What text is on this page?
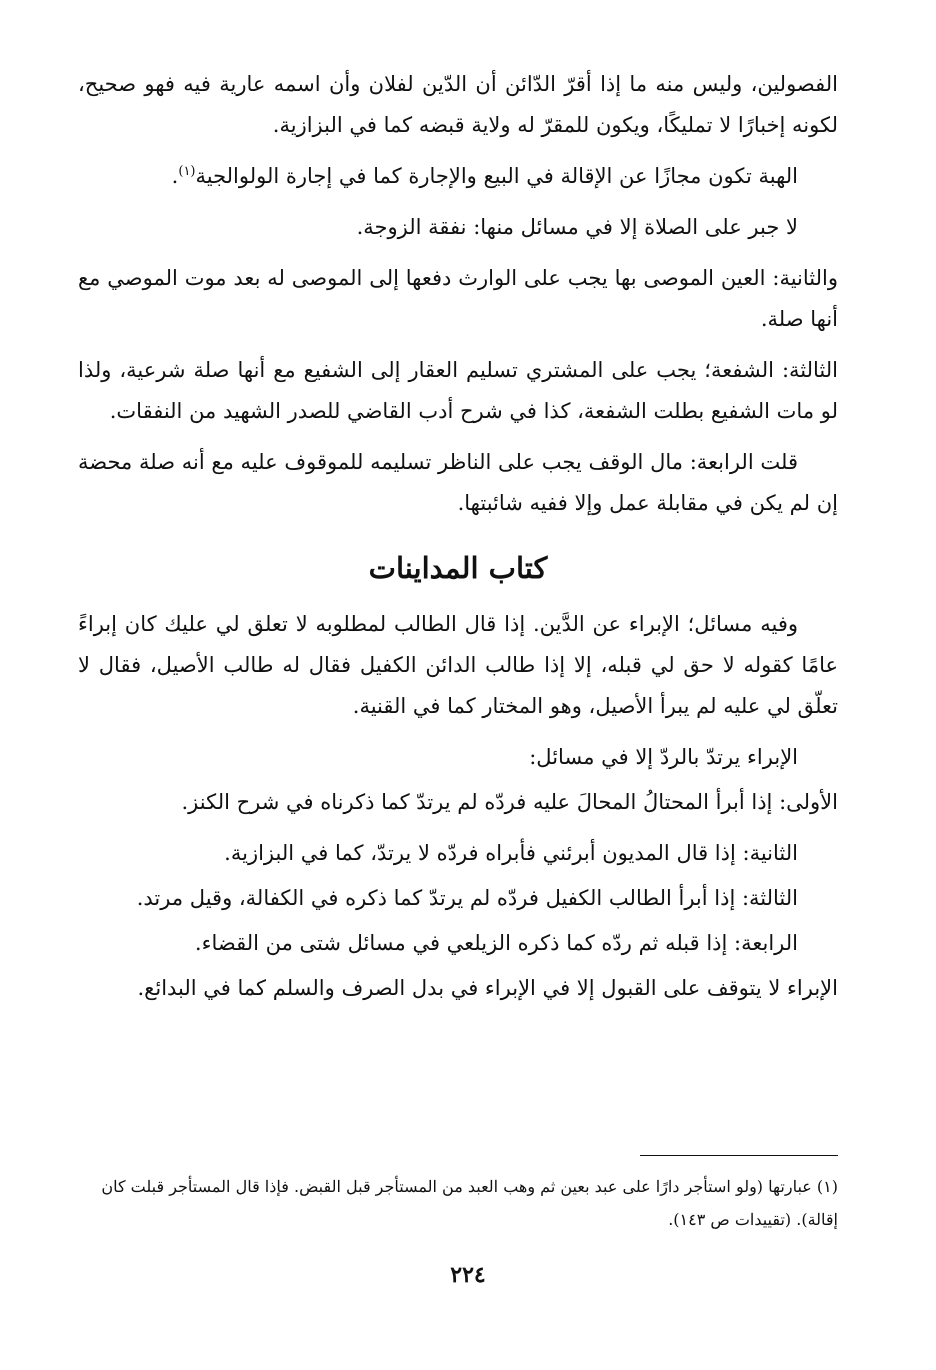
الفصولين، وليس منه ما إذا أقرّ الدّائن أن الدّين لفلان وأن اسمه عارية فيه فهو صحيح، لكونه إخبارًا لا تمليكًا، ويكون للمقرّ له ولاية قبضه كما في البزازية.

الهبة تكون مجازًا عن الإقالة في البيع والإجارة كما في إجارة الولوالجية$^{(١)}$.

لا جبر على الصلاة إلا في مسائل منها: نفقة الزوجة.

والثانية: العين الموصى بها يجب على الوارث دفعها إلى الموصى له بعد موت الموصي مع أنها صلة.

الثالثة: الشفعة؛ يجب على المشتري تسليم العقار إلى الشفيع مع أنها صلة شرعية، ولذا لو مات الشفيع بطلت الشفعة، كذا في شرح أدب القاضي للصدر الشهيد من النفقات.

قلت الرابعة: مال الوقف يجب على الناظر تسليمه للموقوف عليه مع أنه صلة محضة إن لم يكن في مقابلة عمل وإلا ففيه شائبتها.

كتاب المداينات

وفيه مسائل؛ الإبراء عن الدَّين. إذا قال الطالب لمطلوبه لا تعلق لي عليك كان إبراءً عامًا كقوله لا حق لي قبله، إلا إذا طالب الدائن الكفيل فقال له طالب الأصيل، فقال لا تعلّق لي عليه لم يبرأ الأصيل، وهو المختار كما في القنية.

الإبراء يرتدّ بالردّ إلا في مسائل:

الأولى: إذا أبرأ المحتالُ المحالَ عليه فردّه لم يرتدّ كما ذكرناه في شرح الكنز.

الثانية: إذا قال المديون أبرئني فأبراه فردّه لا يرتدّ، كما في البزازية.

الثالثة: إذا أبرأ الطالب الكفيل فردّه لم يرتدّ كما ذكره في الكفالة، وقيل مرتد.

الرابعة: إذا قبله ثم ردّه كما ذكره الزيلعي في مسائل شتى من القضاء.

الإبراء لا يتوقف على القبول إلا في الإبراء في بدل الصرف والسلم كما في البدائع.

(١) عبارتها (ولو استأجر دارًا على عبد بعين ثم وهب العبد من المستأجر قبل القبض. فإذا قال المستأجر قبلت كان إقالة). (تقييدات ص ١٤٣).
٢٢٤
